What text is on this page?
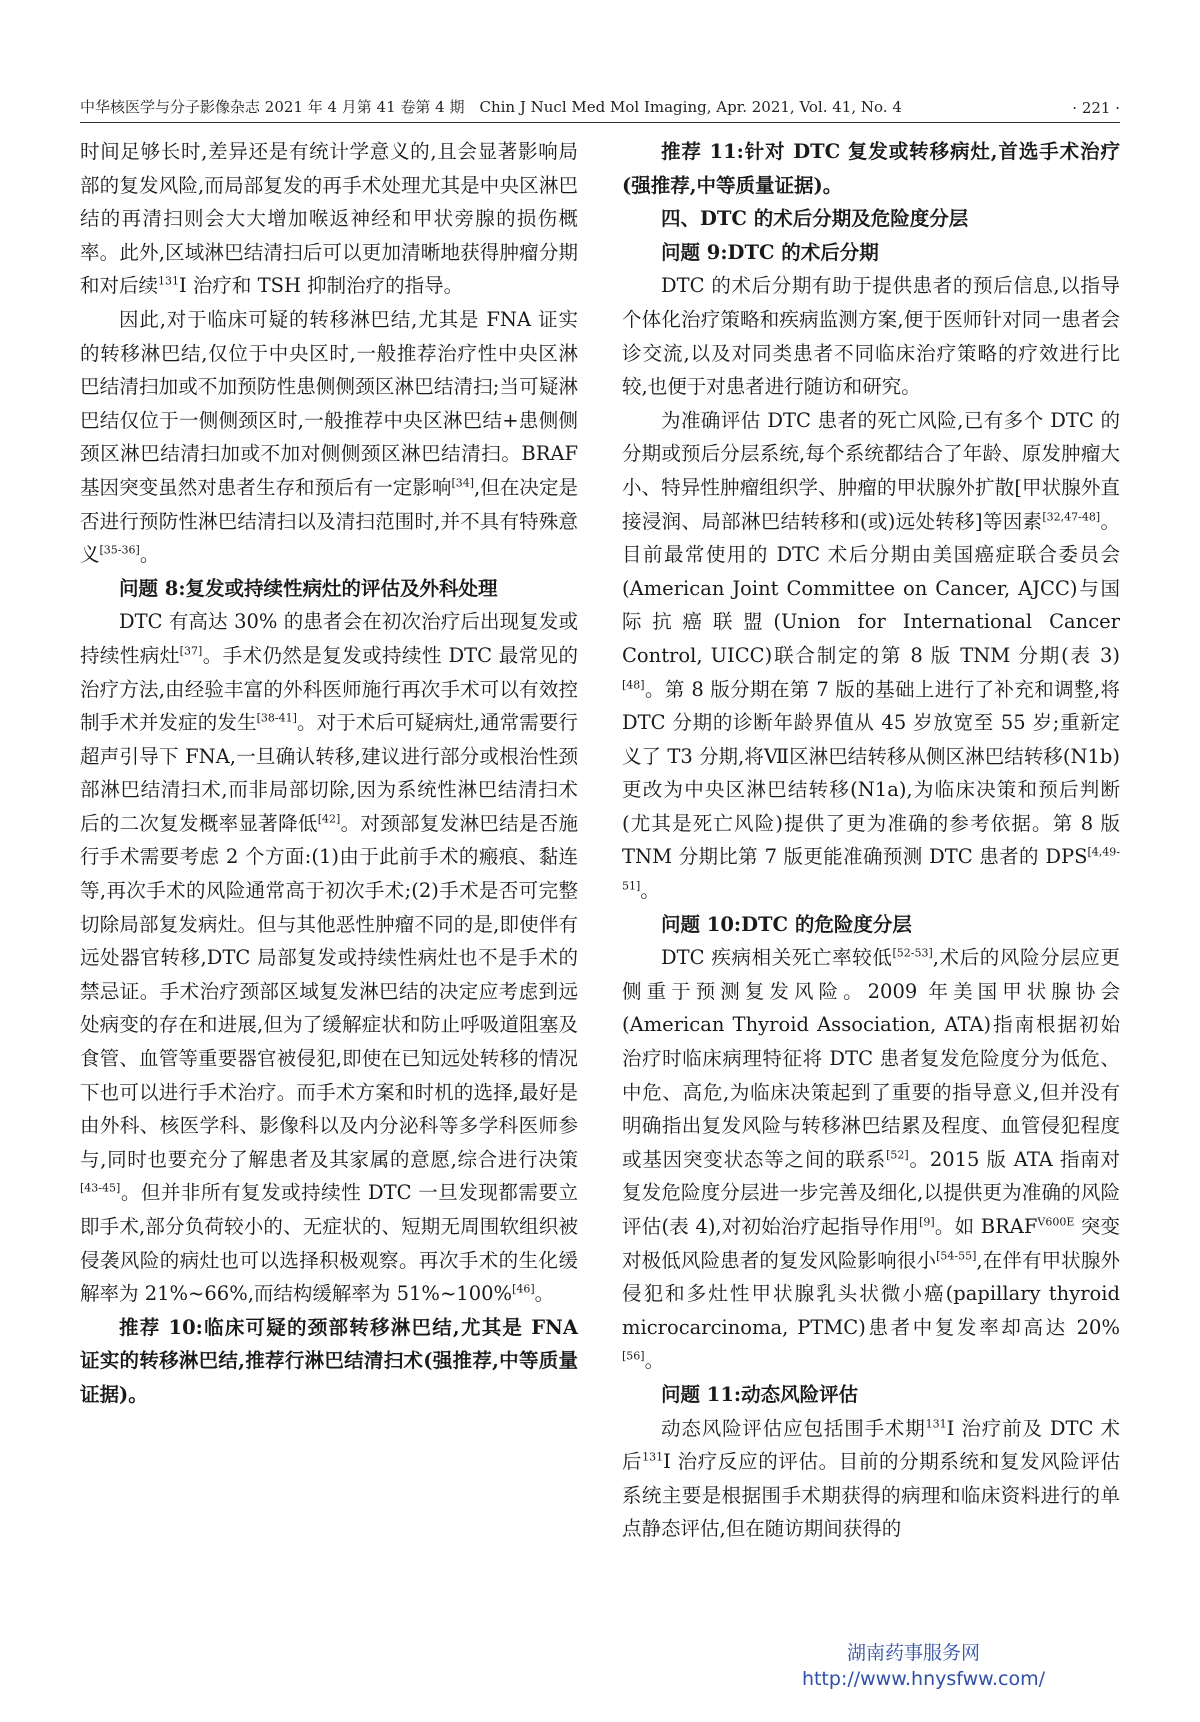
中华核医学与分子影像杂志 2021 年 4 月第 41 卷第 4 期　Chin J Nucl Med Mol Imaging, Apr. 2021, Vol. 41, No. 4	· 221 ·

时间足够长时,差异还是有统计学意义的,且会显著影响局部的复发风险,而局部复发的再手术处理尤其是中央区淋巴结的再清扫则会大大增加喉返神经和甲状旁腺的损伤概率。此外,区域淋巴结清扫后可以更加清晰地获得肿瘤分期和对后续$^{131}$I 治疗和 TSH 抑制治疗的指导。

因此,对于临床可疑的转移淋巴结,尤其是 FNA 证实的转移淋巴结,仅位于中央区时,一般推荐治疗性中央区淋巴结清扫加或不加预防性患侧侧颈区淋巴结清扫;当可疑淋巴结仅位于一侧侧颈区时,一般推荐中央区淋巴结+患侧侧颈区淋巴结清扫加或不加对侧侧颈区淋巴结清扫。BRAF 基因突变虽然对患者生存和预后有一定影响[34],但在决定是否进行预防性淋巴结清扫以及清扫范围时,并不具有特殊意义[35-36]。

问题 8:复发或持续性病灶的评估及外科处理

DTC 有高达 30% 的患者会在初次治疗后出现复发或持续性病灶[37]。手术仍然是复发或持续性 DTC 最常见的治疗方法,由经验丰富的外科医师施行再次手术可以有效控制手术并发症的发生[38-41]。对于术后可疑病灶,通常需要行超声引导下 FNA,一旦确认转移,建议进行部分或根治性颈部淋巴结清扫术,而非局部切除,因为系统性淋巴结清扫术后的二次复发概率显著降低[42]。对颈部复发淋巴结是否施行手术需要考虑 2 个方面:(1)由于此前手术的瘢痕、黏连等,再次手术的风险通常高于初次手术;(2)手术是否可完整切除局部复发病灶。但与其他恶性肿瘤不同的是,即使伴有远处器官转移,DTC 局部复发或持续性病灶也不是手术的禁忌证。手术治疗颈部区域复发淋巴结的决定应考虑到远处病变的存在和进展,但为了缓解症状和防止呼吸道阻塞及食管、血管等重要器官被侵犯,即使在已知远处转移的情况下也可以进行手术治疗。而手术方案和时机的选择,最好是由外科、核医学科、影像科以及内分泌科等多学科医师参与,同时也要充分了解患者及其家属的意愿,综合进行决策[43-45]。但并非所有复发或持续性 DTC 一旦发现都需要立即手术,部分负荷较小的、无症状的、短期无周围软组织被侵袭风险的病灶也可以选择积极观察。再次手术的生化缓解率为 21%~66%,而结构缓解率为 51%~100%[46]。

推荐 10:临床可疑的颈部转移淋巴结,尤其是 FNA 证实的转移淋巴结,推荐行淋巴结清扫术(强推荐,中等质量证据)。

推荐 11:针对 DTC 复发或转移病灶,首选手术治疗(强推荐,中等质量证据)。

四、DTC 的术后分期及危险度分层

问题 9:DTC 的术后分期

DTC 的术后分期有助于提供患者的预后信息,以指导个体化治疗策略和疾病监测方案,便于医师针对同一患者会诊交流,以及对同类患者不同临床治疗策略的疗效进行比较,也便于对患者进行随访和研究。

为准确评估 DTC 患者的死亡风险,已有多个 DTC 的分期或预后分层系统,每个系统都结合了年龄、原发肿瘤大小、特异性肿瘤组织学、肿瘤的甲状腺外扩散[甲状腺外直接浸润、局部淋巴结转移和(或)远处转移]等因素[32,47-48]。目前最常使用的 DTC 术后分期由美国癌症联合委员会(American Joint Committee on Cancer, AJCC)与国际抗癌联盟(Union for International Cancer Control, UICC)联合制定的第 8 版 TNM 分期(表 3)[48]。第 8 版分期在第 7 版的基础上进行了补充和调整,将 DTC 分期的诊断年龄界值从 45 岁放宽至 55 岁;重新定义了 T3 分期,将Ⅶ区淋巴结转移从侧区淋巴结转移(N1b)更改为中央区淋巴结转移(N1a),为临床决策和预后判断(尤其是死亡风险)提供了更为准确的参考依据。第 8 版 TNM 分期比第 7 版更能准确预测 DTC 患者的 DPS[4,49-51]。

问题 10:DTC 的危险度分层

DTC 疾病相关死亡率较低[52-53],术后的风险分层应更侧重于预测复发风险。2009 年美国甲状腺协会(American Thyroid Association, ATA)指南根据初始治疗时临床病理特征将 DTC 患者复发危险度分为低危、中危、高危,为临床决策起到了重要的指导意义,但并没有明确指出复发风险与转移淋巴结累及程度、血管侵犯程度或基因突变状态等之间的联系[52]。2015 版 ATA 指南对复发危险度分层进一步完善及细化,以提供更为准确的风险评估(表 4),对初始治疗起指导作用[9]。如 $BRAF^{V600E}$ 突变对极低风险患者的复发风险影响很小[54-55],在伴有甲状腺外侵犯和多灶性甲状腺乳头状微小癌(papillary thyroid microcarcinoma, PTMC)患者中复发率却高达 20%[56]。

问题 11:动态风险评估

动态风险评估应包括围手术期$^{131}$I 治疗前及 DTC 术后$^{131}$I 治疗反应的评估。目前的分期系统和复发风险评估系统主要是根据围手术期获得的病理和临床资料进行的单点静态评估,但在随访期间获得的

湖南药事服务网
http://www.hnysfww.com/
